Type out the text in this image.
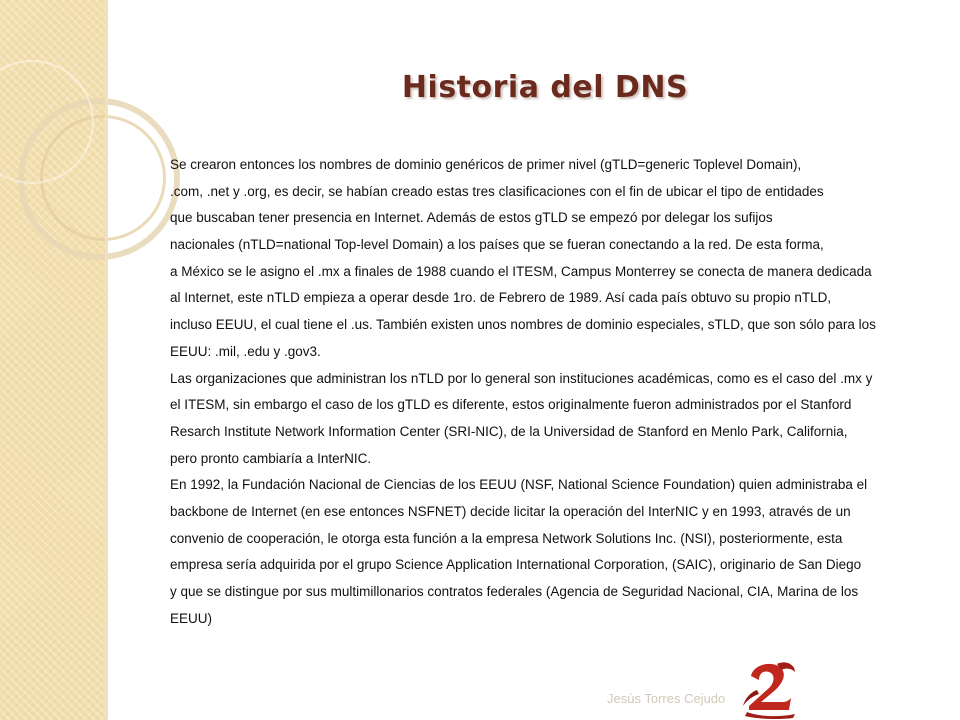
Historia del DNS
Se crearon entonces los nombres de dominio genéricos de primer nivel (gTLD=generic Toplevel Domain),
.com, .net y .org, es decir, se habían creado estas tres clasificaciones con el fin de ubicar el tipo de entidades
que buscaban tener presencia en Internet. Además de estos gTLD se empezó por delegar los sufijos
nacionales (nTLD=national Top-level Domain) a los países que se fueran conectando a la red. De esta forma,
a México se le asigno el .mx a finales de 1988 cuando el ITESM, Campus Monterrey se conecta de manera dedicada
al Internet, este nTLD empieza a operar desde 1ro. de Febrero de 1989. Así cada país obtuvo su propio nTLD,
incluso EEUU, el cual tiene el .us. También existen unos nombres de dominio especiales, sTLD, que son sólo para los
EEUU: .mil, .edu y .gov3.
Las organizaciones que administran los nTLD por lo general son instituciones académicas, como es el caso del .mx y
el ITESM, sin embargo el caso de los gTLD es diferente, estos originalmente fueron administrados por el Stanford
Resarch Institute Network Information Center (SRI-NIC), de la Universidad de Stanford en Menlo Park, California,
pero pronto cambiaría a InterNIC.
En 1992, la Fundación Nacional de Ciencias de los EEUU (NSF, National Science Foundation) quien administraba el
backbone de Internet (en ese entonces NSFNET) decide licitar la operación del InterNIC y en 1993, através de un
convenio de cooperación, le otorga esta función a la empresa Network Solutions Inc. (NSI), posteriormente, esta
empresa sería adquirida por el grupo Science Application International Corporation, (SAIC), originario de San Diego
y que se distingue por sus multimillonarios contratos federales (Agencia de Seguridad Nacional, CIA, Marina de los
EEUU)
Jesús Torres Cejudo
